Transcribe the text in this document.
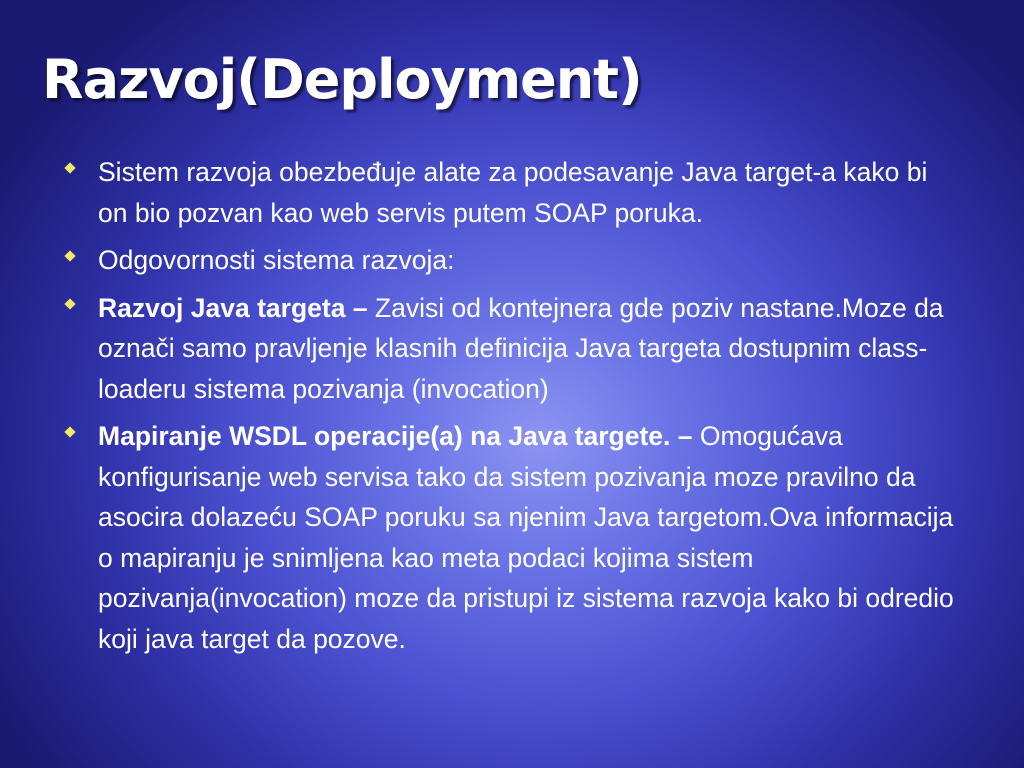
Razvoj(Deployment)
Sistem razvoja obezbeđuje alate za podesavanje Java target-a kako bi on bio pozvan kao web servis putem SOAP poruka.
Odgovornosti sistema razvoja:
Razvoj Java targeta – Zavisi od kontejnera gde poziv nastane.Moze da označi samo pravljenje klasnih definicija Java targeta dostupnim class-loaderu sistema pozivanja (invocation)
Mapiranje WSDL operacije(a) na Java targete. – Omogućava konfigurisanje web servisa tako da sistem pozivanja moze pravilno da asocira dolazeću SOAP poruku sa njenim Java targetom.Ova informacija o mapiranju je snimljena kao meta podaci kojima sistem pozivanja(invocation) moze da pristupi iz sistema razvoja kako bi odredio koji java target da pozove.
